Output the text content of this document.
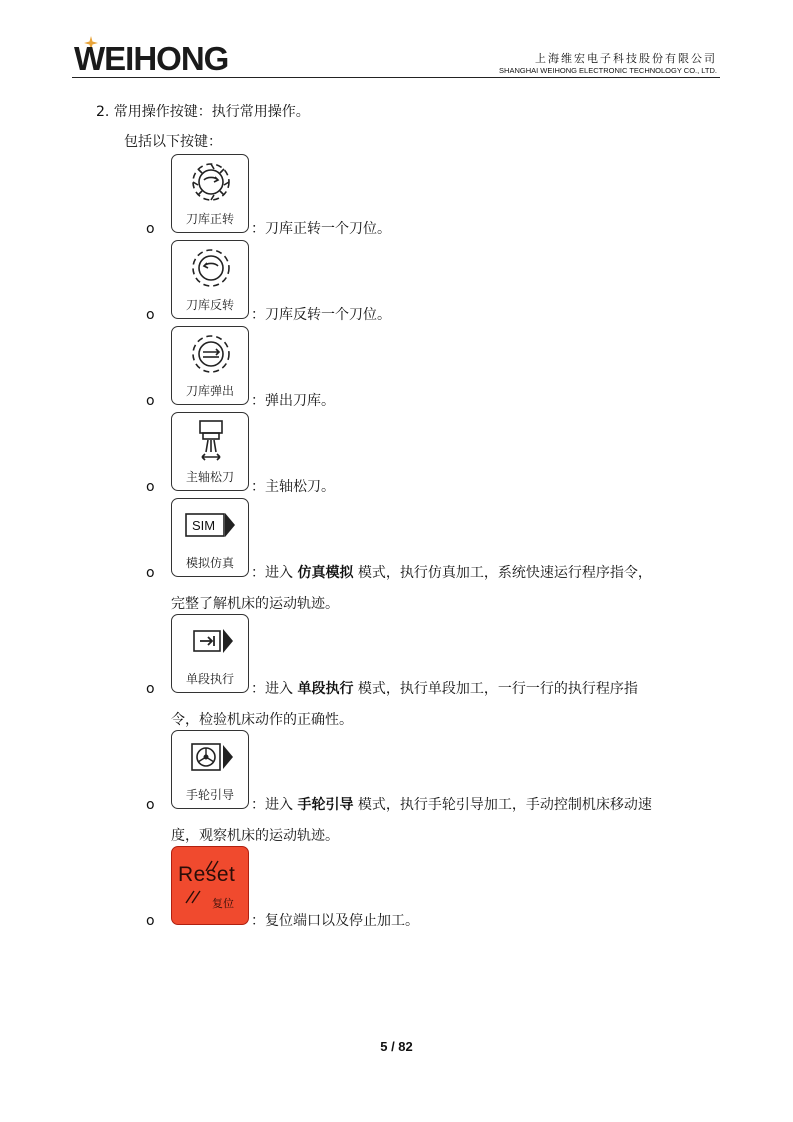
WEIHONG	上海维宏电子科技股份有限公司
SHANGHAI WEIHONG ELECTRONIC TECHNOLOGY CO., LTD.
2. 常用操作按键：执行常用操作。
包括以下按键：
刀库正转
o	：刀库正转一个刀位。
刀库反转
o	：刀库反转一个刀位。
刀库弹出
o	：弹出刀库。
主轴松刀
o	：主轴松刀。
SIM
模拟仿真
o	：进入 仿真模拟 模式，执行仿真加工，系统快速运行程序指令，
完整了解机床的运动轨迹。
单段执行
o	：进入 单段执行 模式，执行单段加工，一行一行的执行程序指
令，检验机床动作的正确性。
手轮引导
o	：进入 手轮引导 模式，执行手轮引导加工，手动控制机床移动速
度，观察机床的运动轨迹。
Reset
复位
o	：复位端口以及停止加工。
5 / 82
